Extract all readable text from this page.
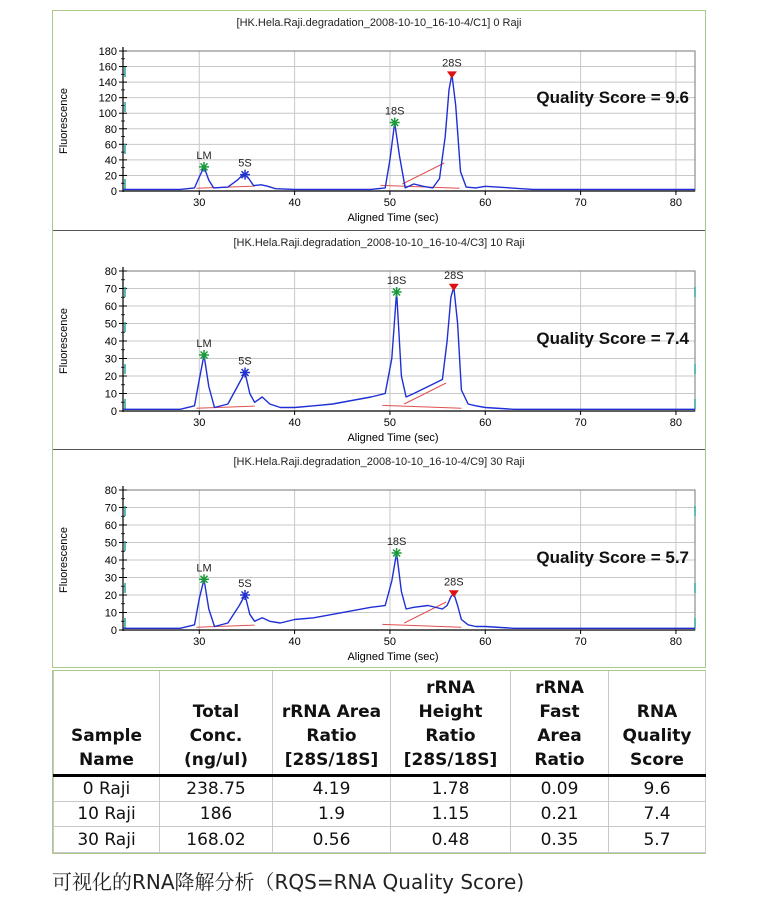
[HK.Hela.Raji.degradation_2008-10-10_16-10-4/C1] 0 Raji
0
20
40
60
80
100
120
140
160
180
30	40	50	60	70	80
Fluorescence
Aligned Time (sec)
LM
5S
18S
28S
Quality Score = 9.6
[HK.Hela.Raji.degradation_2008-10-10_16-10-4/C3] 10 Raji
0
10
20
30
40
50
60
70
80
30	40	50	60	70	80
Fluorescence
Aligned Time (sec)
LM
5S
18S	28S
Quality Score = 7.4
[HK.Hela.Raji.degradation_2008-10-10_16-10-4/C9] 30 Raji
0
10
20
30
40
50
60
70
80
30	40	50	60	70	80
Fluorescence
Aligned Time (sec)
LM
5S
18S
28S
Quality Score = 5.7
Sample
Name	Total
Conc.
(ng/ul)	rRNA Area
Ratio
[28S/18S]	rRNA
Height
Ratio
[28S/18S]	rRNA
Fast
Area
Ratio	RNA
Quality
Score

0 Raji	238.75	4.19	1.78	0.09	9.6
10 Raji	186	1.9	1.15	0.21	7.4
30 Raji	168.02	0.56	0.48	0.35	5.7
可视化的RNA降解分析（RQS=RNA Quality Score)
